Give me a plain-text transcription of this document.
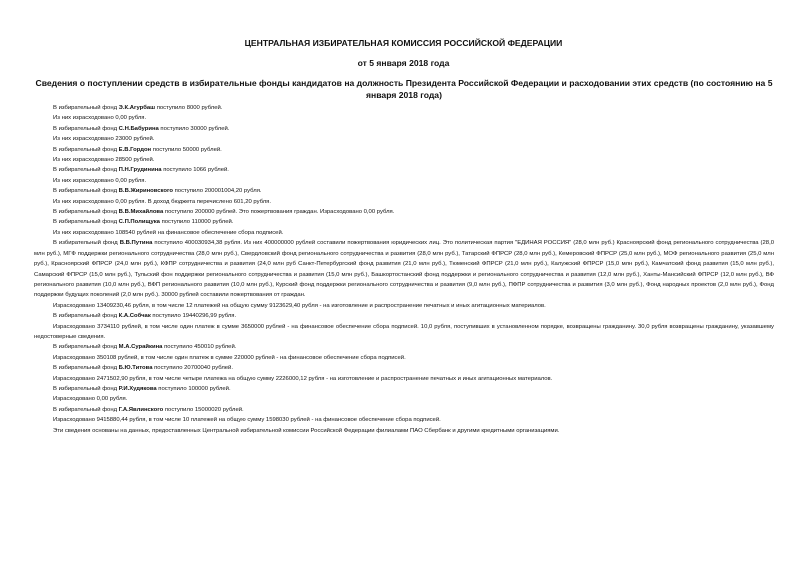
ЦЕНТРАЛЬНАЯ ИЗБИРАТЕЛЬНАЯ КОМИССИЯ РОССИЙСКОЙ ФЕДЕРАЦИИ
от 5 января 2018 года
Сведения о поступлении средств в избирательные фонды кандидатов на должность Президента Российской Федерации и расходовании этих средств (по состоянию на 5 января 2018 года)

В избирательный фонд Э.К.Агурбаш поступило 8000 рублей.

Из них израсходовано 0,00 рубля.

В избирательный фонд С.Н.Бабурина поступило 30000 рублей.

Из них израсходовано 23000 рублей.

В избирательный фонд Е.В.Гордон поступило 50000 рублей.

Из них израсходовано 28500 рублей.

В избирательный фонд П.Н.Грудинина поступило 1066 рублей.

Из них израсходовано 0,00 рубля.

В избирательный фонд В.В.Жириновского поступило 200001004,20 рубля.

Из них израсходовано 0,00 рубля. В доход бюджета перечислено 601,20 рубля.

В избирательный фонд В.В.Михайлова поступило 200000 рублей. Это пожертвования граждан. Израсходовано 0,00 рубля.

В избирательный фонд С.П.Полищука поступило 110000 рублей.

Из них израсходовано 108540 рублей на финансовое обеспечение сбора подписей.

В избирательный фонд В.В.Путина поступило 400030934,38 рубля. Из них 400000000 рублей составили пожертвования юридических лиц. Это политическая партия "ЕДИНАЯ РОССИЯ" (28,0 млн руб.) Красноярский фонд регионального сотрудничества (28,0 млн руб.), МГФ поддержки регионального сотрудничества (28,0 млн руб.), Свердловский фонд регионального сотрудничества и развития (28,0 млн руб.), Татарский ФПРСР (28,0 млн руб.), Кемеровский ФПРСР (25,0 млн руб.), МОФ регионального развития (25,0 млн руб.), Красноярский ФПРСР (24,0 млн руб.), КФПР сотрудничества и развития (24,0 млн руб Санкт-Петербургский фонд развития (21,0 млн руб.), Тюменский ФПРСР (21,0 млн руб.), Калужский ФПРСР (15,0 млн руб.), Камчатский фонд развития (15,0 млн руб.), Самарский ФПРСР (15,0 млн руб.), Тульский фон поддержки регионального сотрудничества и развития (15,0 млн руб.), Башкортостанский фонд поддержки и регионального сотрудничества и развития (12,0 млн руб.), Ханты-Мансийский ФПРСР (12,0 млн руб.), ВФ регионального развития (10,0 млн руб.), ВФП регионального развития (10,0 млн руб.), Курский фонд поддержки регионального сотрудничества и развития (9,0 млн руб.), ПФПР сотрудничества и развития (3,0 млн руб.), Фонд народных проектов (2,0 млн руб.), Фонд поддержки будущих поколений (2,0 млн руб.). 30000 рублей составили пожертвования от граждан.

Израсходовано 13409230,46 рубля, в том числе 12 платежей на общую сумму 9123629,40 рубля - на изготовление и распространение печатных и иных агитационных материалов.

В избирательный фонд К.А.Собчак поступило 19440296,99 рубля.

Израсходовано 3734110 рублей, в том числе один платеж в сумме 3650000 рублей - на финансовое обеспечение сбора подписей. 10,0 рубля, поступивших в установленном порядке, возвращены гражданину. 30,0 рубля возвращены гражданину, указавшему недостоверные сведения.

В избирательный фонд М.А.Сурайкина поступило 450010 рублей.

Израсходовано 350108 рублей, в том числе один платеж в сумме 220000 рублей - на финансовое обеспечение сбора подписей.

В избирательный фонд Б.Ю.Титова поступило 20700040 рублей.

Израсходовано 2471502,90 рубля, в том числе четыре платежа на общую сумму 2226000,12 рубля - на изготовление и распространение печатных и иных агитационных материалов.

В избирательный фонд Р.И.Худякова поступило 100000 рублей.

Израсходовано 0,00 рубля.

В избирательный фонд Г.А.Явлинского поступило 15000020 рублей.

Израсходовано 9415880,44 рубля, в том числе 10 платежей на общую сумму 1598030 рублей - на финансовое обеспечение сбора подписей.

Эти сведения основаны на данных, предоставленных Центральной избирательной комиссии Российской Федерации филиалами ПАО Сбербанк и другими кредитными организациями.
